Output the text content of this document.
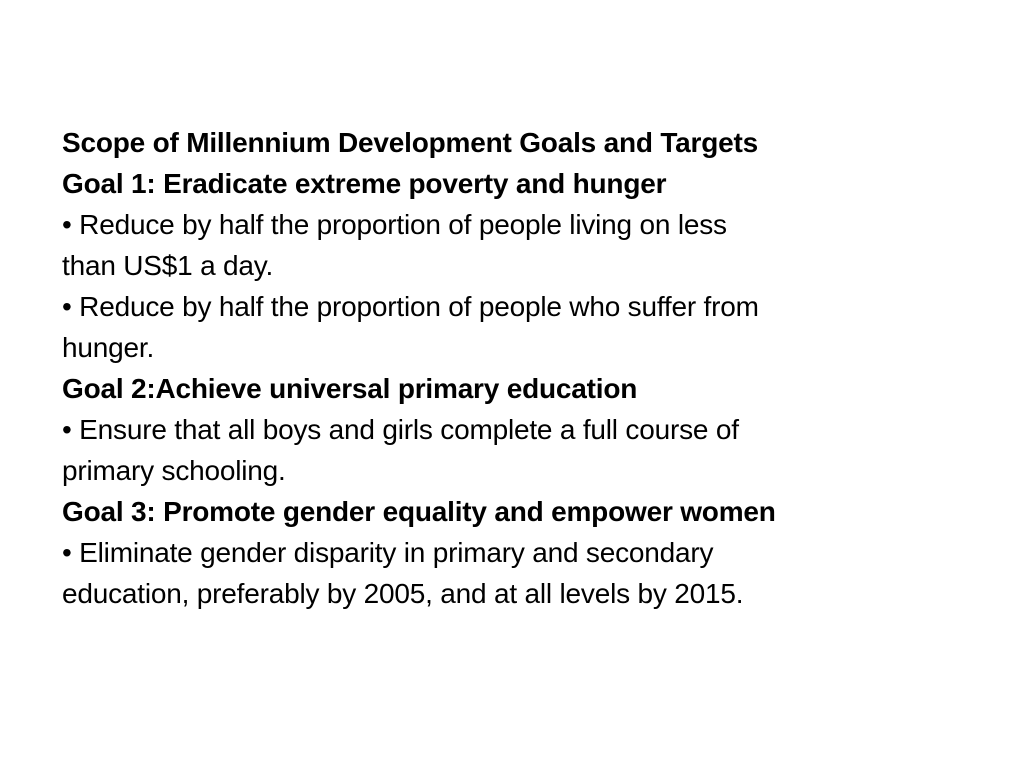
Scope of Millennium Development Goals and Targets
Goal 1: Eradicate extreme poverty and hunger
• Reduce by half the proportion of people living on less
than US$1 a day.
• Reduce by half the proportion of people who suffer from
hunger.
Goal 2:Achieve universal primary education
• Ensure that all boys and girls complete a full course of
primary schooling.
Goal 3: Promote gender equality and empower women
• Eliminate gender disparity in primary and secondary
education, preferably by 2005, and at all levels by 2015.
